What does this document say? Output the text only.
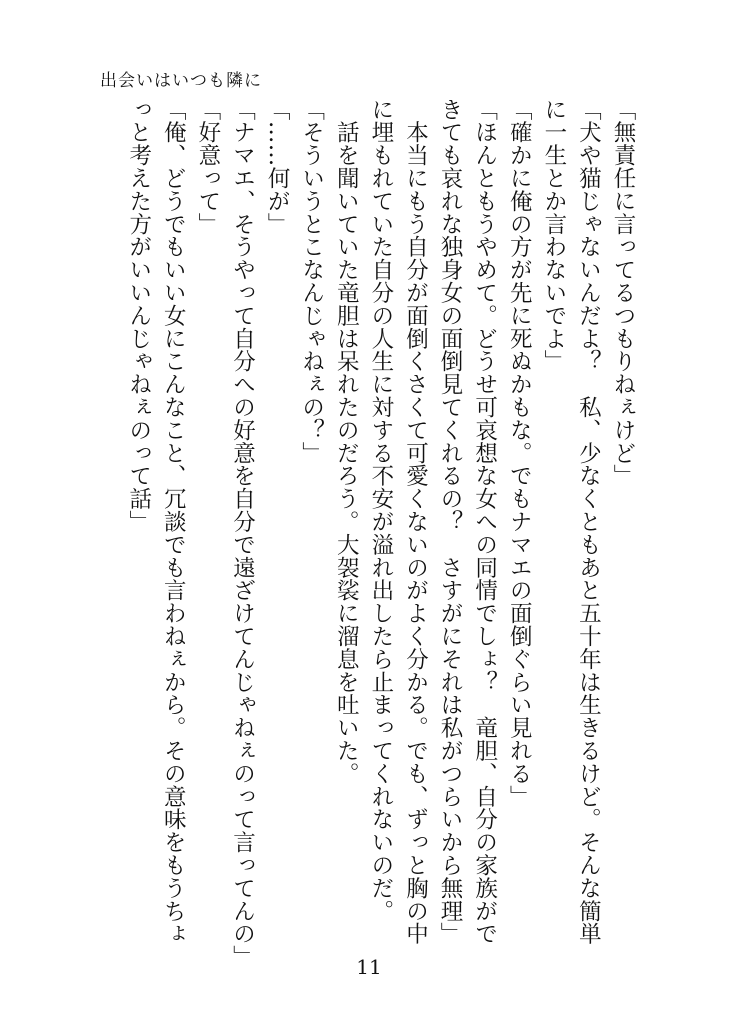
出会いはいつも隣に

「無責任に言ってるつもりねぇけど」

「犬や猫じゃないんだよ？　私、少なくともあと五十年は生きるけど。そんな簡単

に一生とか言わないでよ」

「確かに俺の方が先に死ぬかもな。でもナマエの面倒ぐらい見れる」

「ほんともうやめて。どうせ可哀想な女への同情でしょ？　竜胆、自分の家族がで

きても哀れな独身女の面倒見てくれるの？　さすがにそれは私がつらいから無理」

　本当にもう自分が面倒くさくて可愛くないのがよく分かる。でも、ずっと胸の中

に埋もれていた自分の人生に対する不安が溢れ出したら止まってくれないのだ。

　話を聞いていた竜胆は呆れたのだろう。大袈裟に溜息を吐いた。

「そういうとこなんじゃねぇの？」

「……何が」

「ナマエ、そうやって自分への好意を自分で遠ざけてんじゃねぇのって言ってんの」

「好意って」

「俺、どうでもいい女にこんなこと、冗談でも言わねぇから。その意味をもうちょ

っと考えた方がいいんじゃねぇのって話」

11
